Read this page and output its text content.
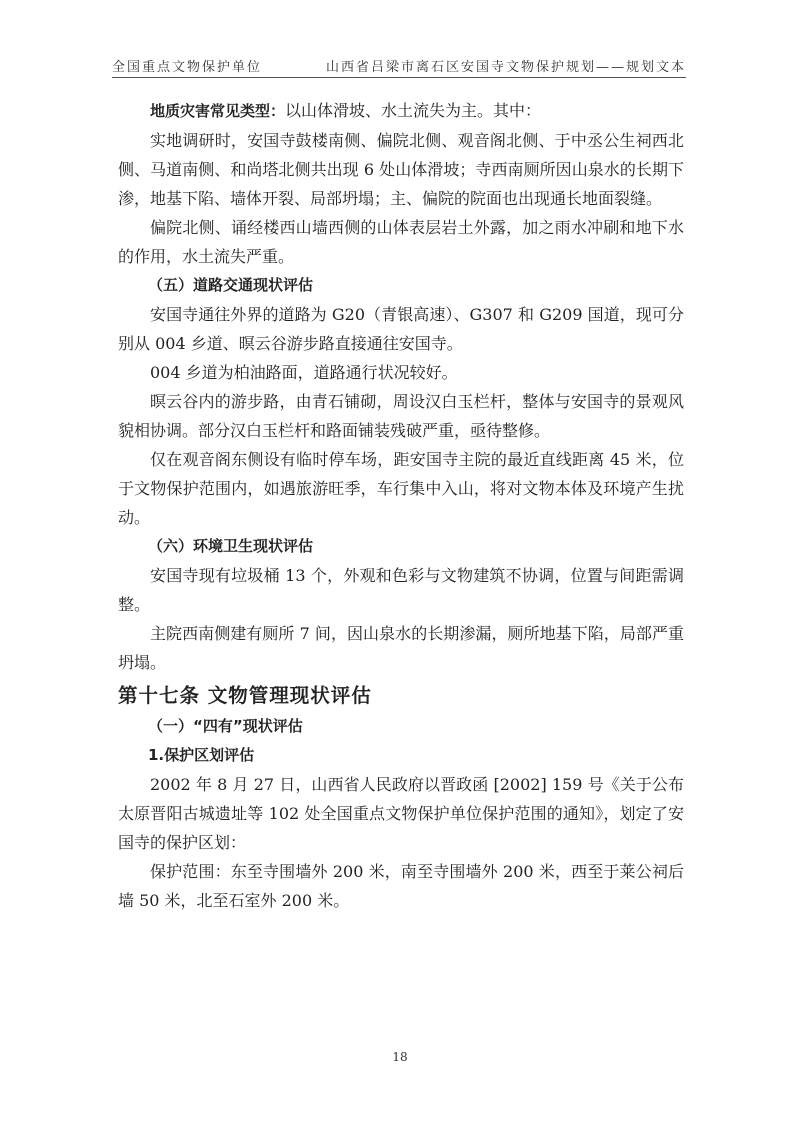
全国重点文物保护单位	山西省吕梁市离石区安国寺文物保护规划——规划文本

地质灾害常见类型：以山体滑坡、水土流失为主。其中：

实地调研时，安国寺鼓楼南侧、偏院北侧、观音阁北侧、于中丞公生祠西北侧、马道南侧、和尚塔北侧共出现 6 处山体滑坡；寺西南厕所因山泉水的长期下渗，地基下陷、墙体开裂、局部坍塌；主、偏院的院面也出现通长地面裂缝。

偏院北侧、诵经楼西山墙西侧的山体表层岩土外露，加之雨水冲刷和地下水的作用，水土流失严重。

（五）道路交通现状评估

安国寺通往外界的道路为 G20（青银高速）、G307 和 G209 国道，现可分别从 004 乡道、暝云谷游步路直接通往安国寺。

004 乡道为柏油路面，道路通行状况较好。

暝云谷内的游步路，由青石铺砌，周设汉白玉栏杆，整体与安国寺的景观风貌相协调。部分汉白玉栏杆和路面铺装残破严重，亟待整修。

仅在观音阁东侧设有临时停车场，距安国寺主院的最近直线距离 45 米，位于文物保护范围内，如遇旅游旺季，车行集中入山，将对文物本体及环境产生扰动。

（六）环境卫生现状评估

安国寺现有垃圾桶 13 个，外观和色彩与文物建筑不协调，位置与间距需调整。

主院西南侧建有厕所 7 间，因山泉水的长期渗漏，厕所地基下陷，局部严重坍塌。

第十七条 文物管理现状评估

（一）“四有”现状评估

1.保护区划评估

2002 年 8 月 27 日，山西省人民政府以晋政函 [2002] 159 号《关于公布太原晋阳古城遗址等 102 处全国重点文物保护单位保护范围的通知》，划定了安国寺的保护区划：

保护范围：东至寺围墙外 200 米，南至寺围墙外 200 米，西至于莱公祠后墙 50 米，北至石室外 200 米。

18
